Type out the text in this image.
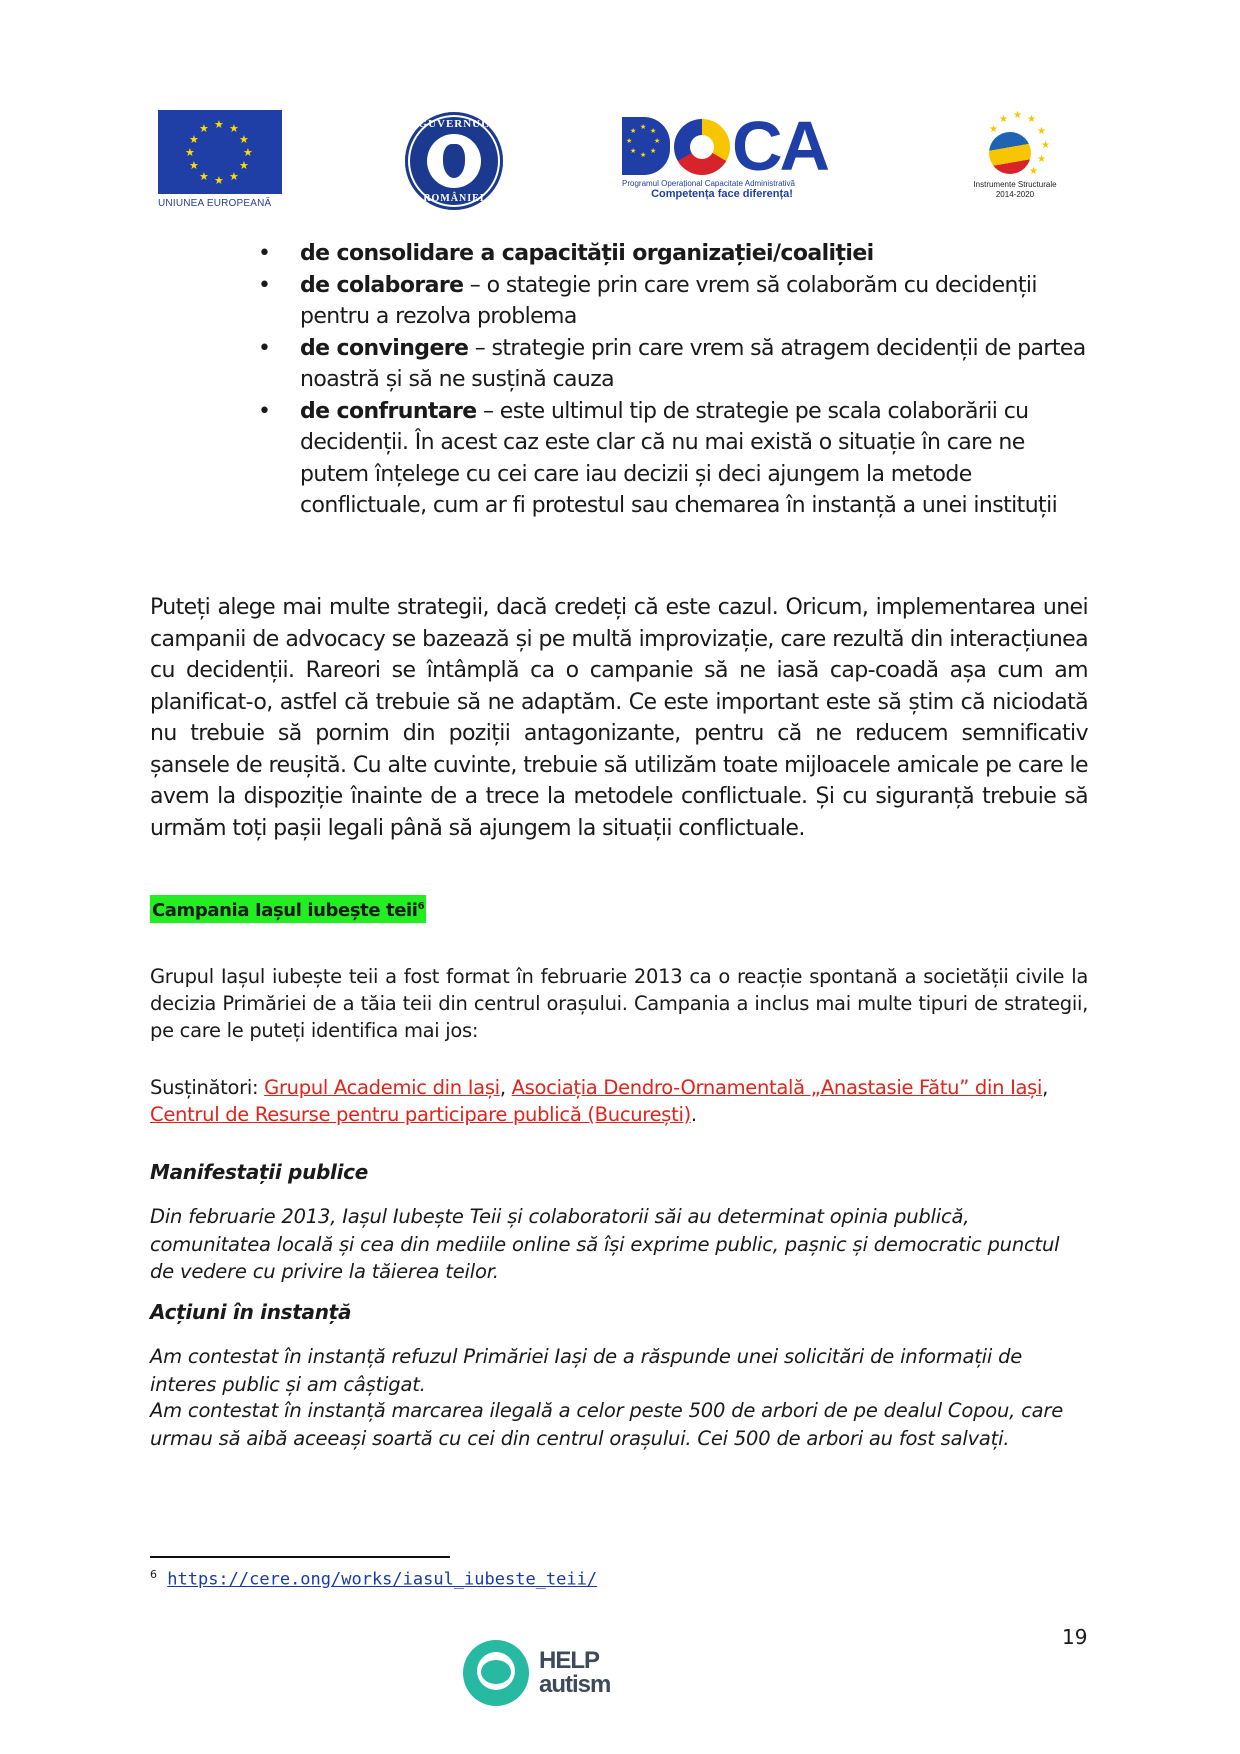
★ ★
★
★
★
★
★
★
★
★
★
★
UNIUNEA EUROPEANĂ
GUVERNUL
ROMÂNIEI
★ ★
★
★
★
★
★
★ CA
Programul Operațional Capacitate Administrativă
Competența face diferența!
★ ★ ★
★
★
★
★
★
Instrumente Structurale
2014-2020
• de consolidare a capacității organizației/coaliției
• de colaborare – o stategie prin care vrem să colaborăm cu decidenții pentru a rezolva problema
• de convingere – strategie prin care vrem să atragem decidenții de partea noastră și să ne susțină cauza
• de confruntare – este ultimul tip de strategie pe scala colaborării cu decidenții. În acest caz este clar că nu mai există o situație în care ne putem înțelege cu cei care iau decizii și deci ajungem la metode conflictuale, cum ar fi protestul sau chemarea în instanță a unei instituții

Puteți alege mai multe strategii, dacă credeți că este cazul. Oricum, implementarea unei campanii de advocacy se bazează și pe multă improvizație, care rezultă din interacțiunea cu decidenții. Rareori se întâmplă ca o campanie să ne iasă cap-coadă așa cum am planificat-o, astfel că trebuie să ne adaptăm. Ce este important este să știm că niciodată nu trebuie să pornim din poziții antagonizante, pentru că ne reducem semnificativ șansele de reușită. Cu alte cuvinte, trebuie să utilizăm toate mijloacele amicale pe care le avem la dispoziție înainte de a trece la metodele conflictuale. Și cu siguranță trebuie să urmăm toți pașii legali până să ajungem la situații conflictuale.

Campania Iașul iubește teii$^6$

Grupul Iașul iubește teii a fost format în februarie 2013 ca o reacție spontană a societății civile la decizia Primăriei de a tăia teii din centrul orașului. Campania a inclus mai multe tipuri de strategii, pe care le puteți identifica mai jos:

Susținători: Grupul Academic din Iași, Asociația Dendro-Ornamentală „Anastasie Fătu” din Iași, Centrul de Resurse pentru participare publică (București).

Manifestații publice

Din februarie 2013, Iașul Iubește Teii și colaboratorii săi au determinat opinia publică, comunitatea locală și cea din mediile online să își exprime public, pașnic și democratic punctul de vedere cu privire la tăierea teilor.

Acțiuni în instanță

Am contestat în instanță refuzul Primăriei Iași de a răspunde unei solicitări de informații de interes public și am câștigat.

Am contestat în instanță marcarea ilegală a celor peste 500 de arbori de pe dealul Copou, care urmau să aibă aceeași soartă cu cei din centrul orașului. Cei 500 de arbori au fost salvați.

$^6$ https://cere.ong/works/iasul_iubeste_teii/
19
HELP
autism
